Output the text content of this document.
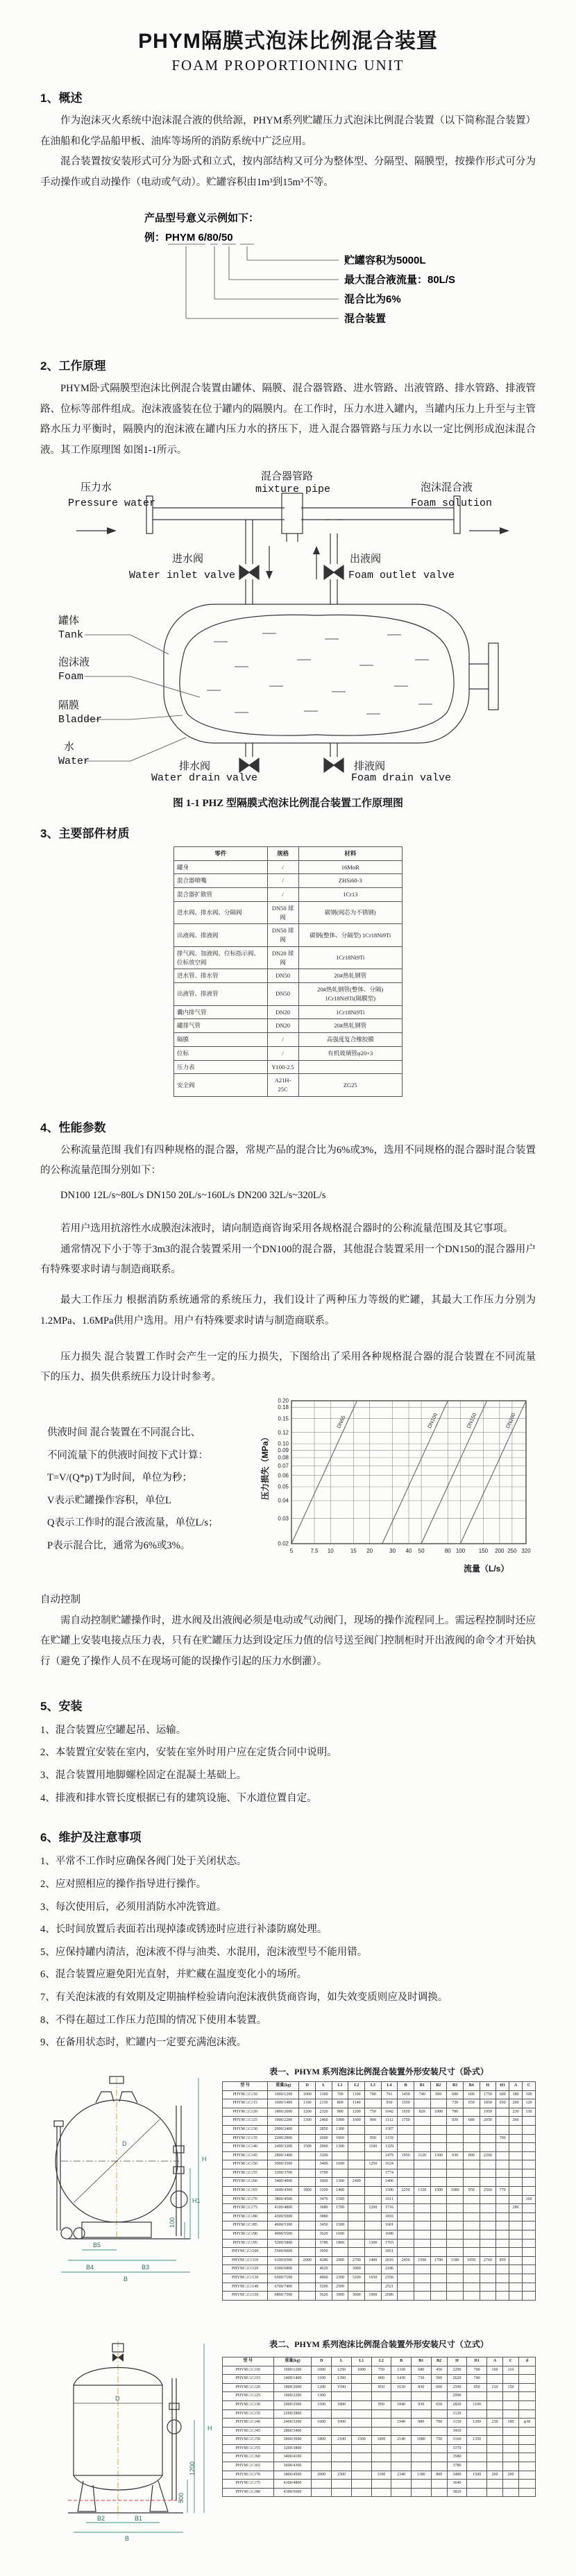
PHYM隔膜式泡沫比例混合装置
FOAM PROPORTIONING UNIT
1、概述

作为泡沫灭火系统中泡沫混合液的供给源，PHYM系列贮罐压力式泡沫比例混合装置（以下简称混合装置）在油船和化学品船甲板、油库等场所的消防系统中广泛应用。

混合装置按安装形式可分为卧式和立式，按内部结构又可分为整体型、分隔型、隔膜型，按操作形式可分为手动操作或自动操作（电动或气动）。贮罐容积由1m³到15m³不等。

产品型号意义示例如下：
例：PHYM 6/80/50
贮罐容积为5000L
最大混合液流量：80L/S
混合比为6%
混合装置
2、工作原理

PHYM卧式隔膜型泡沫比例混合装置由罐体、隔膜、混合器管路、进水管路、出液管路、排水管路、排液管路、位标等部件组成。泡沫液盛装在位于罐内的隔膜内。在工作时，压力水进入罐内，当罐内压力上升至与主管路水压力平衡时，隔膜内的泡沫液在罐内压力水的挤压下，进入混合器管路与压力水以一定比例形成泡沫混合液。其工作原理图 如图1-1所示。

压力水
Pressure water
混合器管路
mixture pipe	泡沫混合液
Foam solution
进水阀
Water inlet valve
出液阀
Foam outlet valve
罐体
Tank
泡沫液
Foam
隔膜
Bladder
水
Water	排水阀
Water drain valve
排液阀
Foam drain valve
图 1-1 PHZ 型隔膜式泡沫比例混合装置工作原理图
3、主要部件材质
零件	规格	材料
罐身	/	16MnR
混合器喷嘴	/	ZHSi60-3
混合器扩散管	/	1Cr13
进水阀、排水阀、分隔阀	DN50 球阀	碳钢(阀芯为不锈钢)
出液阀、排液阀	DN50 球阀	碳钢(整体、分隔型) 1Cr18Ni9Ti
排气阀、加液阀、位标指示阀、位标放空阀	DN20 球阀	1Cr18Ni9Ti
进水管、排水管	DN50	20#热轧钢管
出液管、排液管	DN50	20#热轧钢管(整体、分隔) 1Cr18Ni9Ti(隔膜型)
囊内排气管	DN20	1Cr18Ni9Ti
罐排气管	DN20	20#热轧钢管
隔膜	/	高强度复合橡胶膜
位标	/	有机玻璃管φ20×3
压力表	Y100-2.5	
安全阀	A21H-25C	ZG25
4、性能参数

公称流量范围 我们有四种规格的混合器，常规产品的混合比为6%或3%，选用不同规格的混合器时混合装置的公称流量范围分别如下：

DN100 12L/s~80L/s DN150 20L/s~160L/s DN200 32L/s~320L/s

若用户选用抗溶性水成膜泡沫液时，请向制造商咨询采用各规格混合器时的公称流量范围及其它事项。

通常情况下小于等于3m3的混合装置采用一个DN100的混合器，其他混合装置采用一个DN150的混合器用户有特殊要求时请与制造商联系。

最大工作压力 根据消防系统通常的系统压力，我们设计了两种压力等级的贮罐，其最大工作压力分别为1.2MPa、1.6MPa供用户选用。用户有特殊要求时请与制造商联系。

压力损失 混合装置工作时会产生一定的压力损失，下图给出了采用各种规格混合器的混合装置在不同流量下的压力、损失供系统压力设计时参考。

供液时间 混合装置在不同混合比、
不同流量下的供液时间按下式计算：
T=V/(Q*p) T为时间，单位为秒；
V表示贮罐操作容积，单位L
Q表示工作时的混合液流量，单位L/s；
P表示混合比，通常为6%或3%。	0.02
0.03
0.04
0.05
0.06
0.07
0.08
0.09
0.10
0.12
0.15
0.18
0.20
5	7.5 10	15 20	30 40 50	80 100 150 200 250 320
DN65	DN100	DN150	DN200
压力损失（MPa）
流量（L/s）

自动控制

需自动控制贮罐操作时，进水阀及出液阀必须是电动或气动阀门，现场的操作流程同上。需远程控制时还应在贮罐上安装电接点压力表，只有在贮罐压力达到设定压力值的信号送至阀门控制柜时开出液阀的命令才开始执行（避免了操作人员不在现场可能的误操作引起的压力水倒灌）。

5、安装
1、混合装置应空罐起吊、运输。
2、本装置宜安装在室内，安装在室外时用户应在定货合同中说明。
3、混合装置用地脚螺栓固定在混凝土基础上。
4、排液和排水管长度根据已有的建筑设施、下水道位置自定。
6、维护及注意事项
1、平常不工作时应确保各阀门处于关闭状态。
2、应对照相应的操作指导进行操作。
3、每次使用后，必须用消防水冲洗管道。
4、长时间放置后表面若出现掉漆或锈迹时应进行补漆防腐处理。
5、应保持罐内清洁，泡沫液不得与油类、水混用，泡沫液型号不能用错。
6、混合装置应避免阳光直射，并贮藏在温度变化小的场所。
7、有关泡沫液的有效期及定期抽样检验请向泡沫液供货商咨询，如失效变质则应及时调换。
8、不得在超过工作压力范围的情况下使用本装置。
9、在备用状态时，贮罐内一定要充满泡沫液。
D
B5
B4	B3
B
H
H1
100
表一、PHYM 系列泡沫比例混合装置外形安装尺寸（卧式）
型 号	重量(kg)	D	L	L1	L2	L3	L4	B	B1	B2	B3	B4	H	H1	A	C
PHYM □/□/10	1000/1200	1000	1360	700	1100	700	761	1450	740	900	680	600	1750	600	180	100
PHYM □/□/15	1600/1400	1100	2150	800	1140		930	1550			730	650	1850	650	200	120
PHYM □/□/20	1800/2000	1200	2320	900	1200	750	1042	1650	820	1000	780		1950		230	130
PHYM □/□/25	1900/2200	1300	2460	1000	1600	900	1112	1750			830	680	2050		260	
PHYM □/□/30	2000/2400		2850	1300			1307									
PHYM □/□/35	2200/2800		2600	1060		950	1159							700		
PHYM □/□/40	2400/3200	1500	2900	1300		1100	1329									
PHYM □/□/45	2800/3400		3200				1479	1950	1120	1300	930	800	2260			
PHYM □/□/50	3000/3500		3400	1600		1250	1624									
PHYM □/□/55	3200/3700		3700				1774									
PHYM □/□/60	3400/4000		3060	1300	2400		1406									
PHYM □/□/65	3600/4300	1800	3260	1400			1506	2250	1320	1500	1080	950	2560	770		
PHYM □/□/70	3800/4500		3470	1500			1611									160
PHYM □/□/75	4100/4800		3680	1700		1200	1716								280	
PHYM □/□/80	4300/5000		3880				1816									
PHYM □/□/85	4600/5300		3450	1500			1601									
PHYM □/□/90	4900/5500		3620	1600			1686									
PHYM □/□/95	5200/5800		3780	1800		1300	1765									
PHYM □/□/100	5500/6000		3950				1851									
PHYM □/□/110	6100/6500	2000	4280	2000	2700	1400	2016	2450	1500	1700	1180	1050	2760	850		
PHYM □/□/120	6300/6800		4620		3000		2186									
PHYM □/□/130	6500/7100		4960	2300	3200	1650	2356									
PHYM □/□/140	6700/7400		5200	2500			2521									
PHYM □/□/150	6800/7500		5620	3000	3600	1900	2686									
D
B2	B1
B
H
1200
500
表二、PHYM 系列泡沫比例混合装置外形安装尺寸（立式）
型 号	重量(kg)	D	L	L1	L2	B	B1	B2	H	D1	A	C	d
PHYM □/□/10	1000/1200	1000	1250	1000	750	1330	680	450	2290	700	160	110	
PHYM □/□/15	1400/1400	1100	1390		800	1430	730	500	2620	740			
PHYM □/□/20	1800/2000	1200	1590		850	1630	830	600	2590	950	210	150	
PHYM □/□/25	1900/2200	1300							2990				
PHYM □/□/30	2000/2500	1500	1800		950	1840	930	650	2820	1100			
PHYM □/□/35	2200/2800								3120				
PHYM □/□/40	2400/3200	1600	1900			1940	980	700	3150	1200	250	180	φ30
PHYM □/□/45	2800/3400								3410				
PHYM □/□/50	3000/3600	1800	2100	1500	1000	2140	1080	750	3160	1350			
PHYM □/□/55	3200/3800								3370				
PHYM □/□/60	3400/4100								3580				
PHYM □/□/65	3600/4300								3780				
PHYM □/□/70	3800/4500	2000	2300		1100	2340	1180	800	3480	1500	260	200	
PHYM □/□/75	4100/4800								3640				
PHYM □/□/80	4300/5000								3810				
